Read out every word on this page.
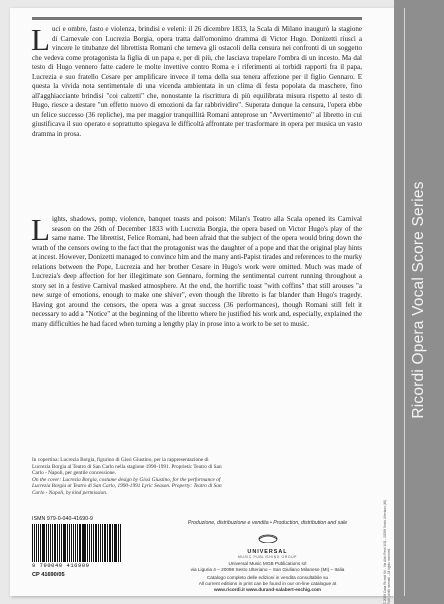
Ricordi Opera Vocal Score Series
L uci e ombre, fasto e violenza, brindisi e veleni: il 26 dicembre 1833, la Scala di Milano inaugurò la stagione di Carnevale con Lucrezia Borgia, opera tratta dall'omonimo dramma di Victor Hugo. Donizetti riuscì a vincere le titubanze del librettista Romani che temeva gli ostacoli della censura nei confronti di un soggetto che vedeva come protagonista la figlia di un papa e, per di più, che lasciava trapelare l'ombra di un incesto. Ma dal testo di Hugo vennero fatte cadere le molte invettive contro Roma e i riferimenti ai torbidi rapporti fra il papa, Lucrezia e suo fratello Cesare per amplificare invece il tema della sua tenera affezione per il figlio Gennaro. E questa la vivida nota sentimentale di una vicenda ambientata in un clima di festa popolata da maschere, fino all'agghiacciante brindisi "coi calzetti" che, nonostante la riscrittura di più equilibrata misura rispetto al testo di Hugo, riesce a destare "un effetto nuovo di emozioni da far rabbrividire". Superata dunque la censura, l'opera ebbe un felice successo (36 repliche), ma per maggior tranquillità Romani anteprose un "Avvertimento" al libretto in cui giustificava il suo operato e soprattutto spiegava le difficoltà affrontate per trasformare in opera per musica un vasto dramma in prosa.
L ights, shadows, pomp, violence, banquet toasts and poison: Milan's Teatro alla Scala opened its Carnival season on the 26th of December 1833 with Lucrezia Borgia, the opera based on Victor Hugo's play of the same name. The librettist, Felice Romani, had been afraid that the subject of the opera would bring down the wrath of the censors owing to the fact that the protagonist was the daughter of a pope and that the original play hints at incest. However, Donizetti managed to convince him and the many anti-Papist tirades and references to the murky relations between the Pope, Lucrezia and her brother Cesare in Hugo's work were omitted. Much was made of Lucrezia's deep affection for her illegitimate son Gennaro, forming the sentimental current running throughout a story set in a festive Carnival masked atmosphere. At the end, the horrific toast "with coffins" that still arouses "a new surge of emotions, enough to make one shiver", even though the libretto is far blander than Hugo's tragedy. Having got around the censors, the opera was a great success (36 performances), though Romani still felt it necessary to add a "Notice" at the beginning of the libretto where he justified his work and, especially, explained the many difficulties he had faced when turning a lengthy play in prose into a work to be set to music.
In copertina: Lucrezia Borgia, figurino di Gissi Giustino, per la rappresentazione di Lucrezia Borgia al Teatro di San Carlo nella stagione 1990-1991. Proprietà: Teatro di San Carlo - Napoli, per gentile concessione.
On the cover: Lucrezia Borgia, costume design by Gissi Giustino, for the performance of Lucrezia Borgia at Teatro di San Carlo, 1990-1991 Lyric Season. Property: Teatro di San Carlo - Napoli, by kind permission.
ISMN 979-0-040-41690-9
9 790040 416909
CP 41690/05
Produzione, distribuzione e vendita • Production, distribution and sale
UNIVERSAL
MUSIC PUBLISHING GROUP
Universal Music MGB Publications srl
via Liguria 4 – 20098 Sesto Ulteriano – San Giuliano Milanese (MI) – Italia
Catalogo completo delle edizioni in vendita consultabile su
All current editions in print can be found in our on-line catalogue at
www.ricordi.it www.durand-salabert-eschig.com	© 2008 Casa Ricordi Srl - Via Aldo Resti 1/11 - 20098 Sesto Ulteriano (MI) Tutti i diritti riservati - All rights reserved
